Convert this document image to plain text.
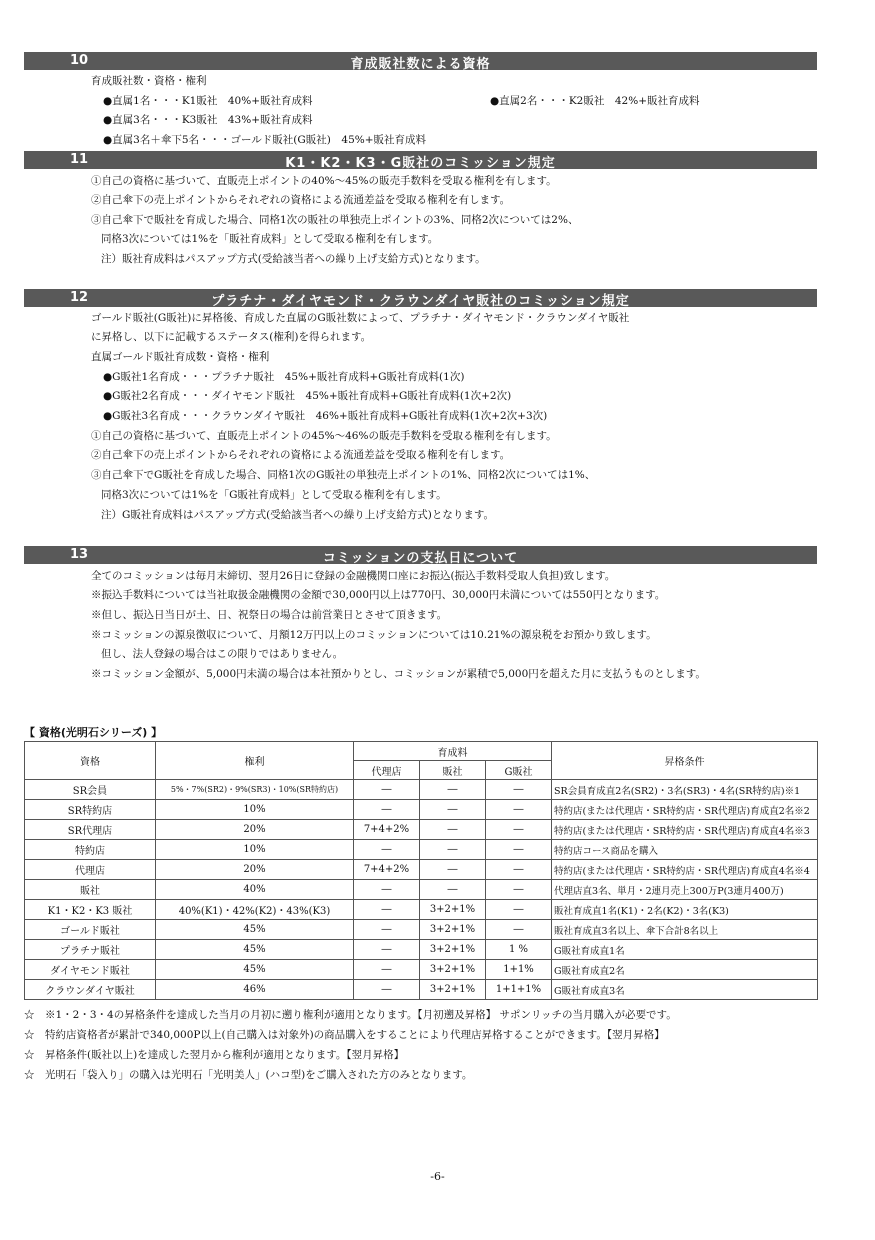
10	育成販社数による資格
育成販社数・資格・権利
●直属1名・・・K1販社　40%+販社育成料	●直属2名・・・K2販社　42%+販社育成料
●直属3名・・・K3販社　43%+販社育成料
●直属3名＋傘下5名・・・ゴールド販社(G販社)　45%+販社育成料
11	K1・K2・K3・G販社のコミッション規定
①自己の資格に基づいて、直販売上ポイントの40%～45%の販売手数料を受取る権利を有します。
②自己傘下の売上ポイントからそれぞれの資格による流通差益を受取る権利を有します。
③自己傘下で販社を育成した場合、同格1次の販社の単独売上ポイントの3%、同格2次については2%、
同格3次については1%を「販社育成料」として受取る権利を有します。
注）販社育成料はパスアップ方式(受給該当者への繰り上げ支給方式)となります。
12	プラチナ・ダイヤモンド・クラウンダイヤ販社のコミッション規定
ゴールド販社(G販社)に昇格後、育成した直属のG販社数によって、プラチナ・ダイヤモンド・クラウンダイヤ販社
に昇格し、以下に記載するステータス(権利)を得られます。
直属ゴールド販社育成数・資格・権利
●G販社1名育成・・・プラチナ販社　45%+販社育成料+G販社育成料(1次)
●G販社2名育成・・・ダイヤモンド販社　45%+販社育成料+G販社育成料(1次+2次)
●G販社3名育成・・・クラウンダイヤ販社　46%+販社育成料+G販社育成料(1次+2次+3次)
①自己の資格に基づいて、直販売上ポイントの45%～46%の販売手数料を受取る権利を有します。
②自己傘下の売上ポイントからそれぞれの資格による流通差益を受取る権利を有します。
③自己傘下でG販社を育成した場合、同格1次のG販社の単独売上ポイントの1%、同格2次については1%、
同格3次については1%を「G販社育成料」として受取る権利を有します。
注）G販社育成料はパスアップ方式(受給該当者への繰り上げ支給方式)となります。
13	コミッションの支払日について
全てのコミッションは毎月末締切、翌月26日に登録の金融機関口座にお振込(振込手数料受取人負担)致します。
※振込手数料については当社取扱金融機関の金額で30,000円以上は770円、30,000円未満については550円となります。
※但し、振込日当日が土、日、祝祭日の場合は前営業日とさせて頂きます。
※コミッションの源泉徴収について、月額12万円以上のコミッションについては10.21%の源泉税をお預かり致します。
但し、法人登録の場合はこの限りではありません。
※コミッション金額が、5,000円未満の場合は本社預かりとし、コミッションが累積で5,000円を超えた月に支払うものとします。
【 資格(光明石シリーズ) 】
資格	権利	育成料			昇格条件
		代理店	販社	G販社	
SR会員	5%・7%(SR2)・9%(SR3)・10%(SR特約店)	―	―	―	SR会員育成直2名(SR2)・3名(SR3)・4名(SR特約店)※1
SR特約店	10%	―	―	―	特約店(または代理店・SR特約店・SR代理店)育成直2名※2
SR代理店	20%	7+4+2%	―	―	特約店(または代理店・SR特約店・SR代理店)育成直4名※3
特約店	10%	―	―	―	特約店コース商品を購入
代理店	20%	7+4+2%	―	―	特約店(または代理店・SR特約店・SR代理店)育成直4名※4
販社	40%	―	―	―	代理店直3名、単月・2連月売上300万P(3連月400万)
K1・K2・K3 販社	40%(K1)・42%(K2)・43%(K3)	―	3+2+1%	―	販社育成直1名(K1)・2名(K2)・3名(K3)
ゴールド販社	45%	―	3+2+1%	―	販社育成直3名以上、傘下合計8名以上
プラチナ販社	45%	―	3+2+1%	1 %	G販社育成直1名
ダイヤモンド販社	45%	―	3+2+1%	1+1%	G販社育成直2名
クラウンダイヤ販社	46%	―	3+2+1%	1+1+1%	G販社育成直3名
☆　※1・2・3・4の昇格条件を達成した当月の月初に遡り権利が適用となります。【月初遡及昇格】 サポンリッチの当月購入が必要です。
☆　特約店資格者が累計で340,000P以上(自己購入は対象外)の商品購入をすることにより代理店昇格することができます。【翌月昇格】
☆　昇格条件(販社以上)を達成した翌月から権利が適用となります。【翌月昇格】
☆　光明石「袋入り」の購入は光明石「光明美人」(ハコ型)をご購入された方のみとなります。
-6-
